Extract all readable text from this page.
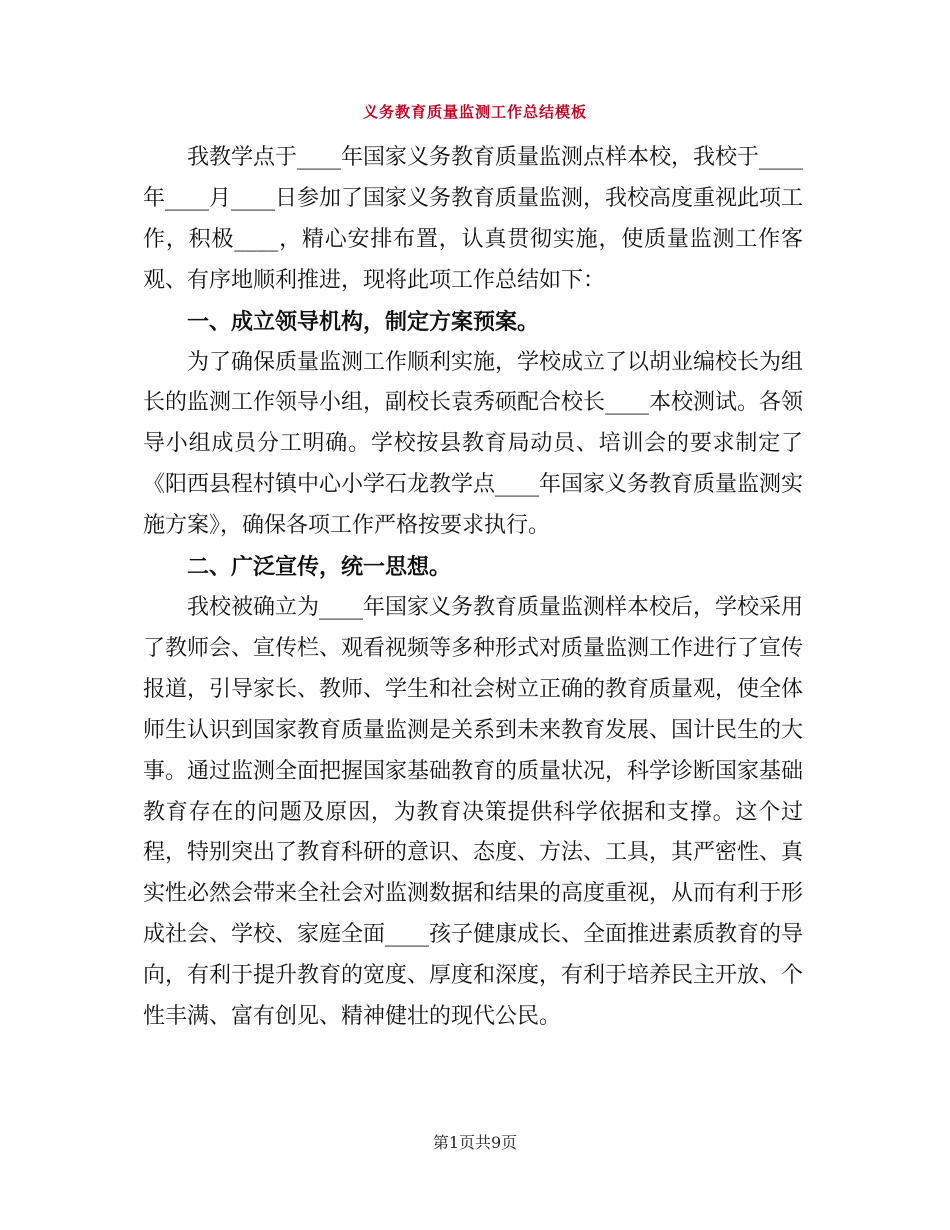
义务教育质量监测工作总结模板

我教学点于____年国家义务教育质量监测点样本校，我校于____年____月____日参加了国家义务教育质量监测，我校高度重视此项工作，积极____，精心安排布置，认真贯彻实施，使质量监测工作客观、有序地顺利推进，现将此项工作总结如下：

一、成立领导机构，制定方案预案。

为了确保质量监测工作顺利实施，学校成立了以胡业编校长为组长的监测工作领导小组，副校长袁秀硕配合校长____本校测试。各领导小组成员分工明确。学校按县教育局动员、培训会的要求制定了《阳西县程村镇中心小学石龙教学点____年国家义务教育质量监测实施方案》，确保各项工作严格按要求执行。

二、广泛宣传，统一思想。

我校被确立为____年国家义务教育质量监测样本校后，学校采用了教师会、宣传栏、观看视频等多种形式对质量监测工作进行了宣传报道，引导家长、教师、学生和社会树立正确的教育质量观，使全体师生认识到国家教育质量监测是关系到未来教育发展、国计民生的大事。通过监测全面把握国家基础教育的质量状况，科学诊断国家基础教育存在的问题及原因，为教育决策提供科学依据和支撑。这个过程，特别突出了教育科研的意识、态度、方法、工具，其严密性、真实性必然会带来全社会对监测数据和结果的高度重视，从而有利于形成社会、学校、家庭全面____孩子健康成长、全面推进素质教育的导向，有利于提升教育的宽度、厚度和深度，有利于培养民主开放、个性丰满、富有创见、精神健壮的现代公民。

第1页共9页
